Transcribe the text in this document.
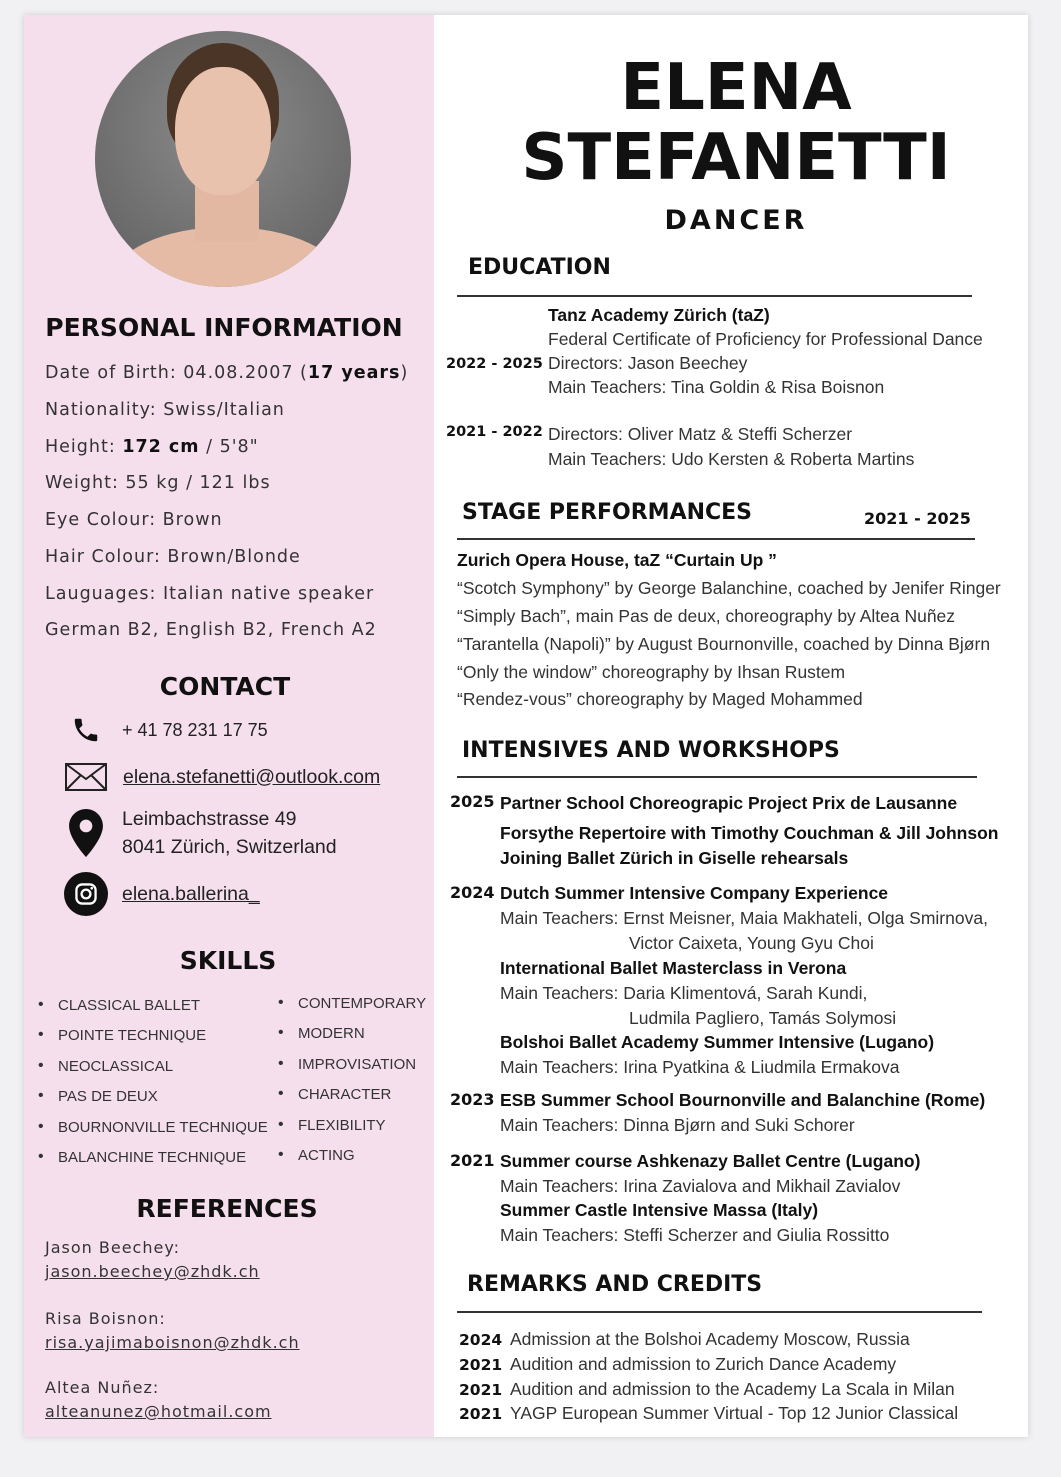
PERSONAL INFORMATION
Date of Birth: 04.08.2007 (17 years)
Nationality: Swiss/Italian
Height: 172 cm / 5'8"
Weight: 55 kg / 121 lbs
Eye Colour: Brown
Hair Colour: Brown/Blonde
Lauguages: Italian native speaker
German B2, English B2, French A2
CONTACT
+ 41 78 231 17 75
elena.stefanetti@outlook.com
Leimbachstrasse 49
8041 Zürich, Switzerland
elena.ballerina_
SKILLS
• CLASSICAL BALLET
• POINTE TECHNIQUE
• NEOCLASSICAL
• PAS DE DEUX
• BOURNONVILLE TECHNIQUE
• BALANCHINE TECHNIQUE
• CONTEMPORARY
• MODERN
• IMPROVISATION
• CHARACTER
• FLEXIBILITY
• ACTING
REFERENCES
Jason Beechey:
jason.beechey@zhdk.ch
Risa Boisnon:
risa.yajimaboisnon@zhdk.ch
Altea Nuñez:
alteanunez@hotmail.com
ELENA
STEFANETTI
DANCER
EDUCATION
Tanz Academy Zürich (taZ)
Federal Certificate of Proficiency for Professional Dance
2022 - 2025 Directors: Jason Beechey
Main Teachers: Tina Goldin & Risa Boisnon
2021 - 2022 Directors: Oliver Matz & Steffi Scherzer
Main Teachers: Udo Kersten & Roberta Martins
STAGE PERFORMANCES	2021 - 2025
Zurich Opera House, taZ “Curtain Up ”
“Scotch Symphony” by George Balanchine, coached by Jenifer Ringer
“Simply Bach”, main Pas de deux, choreography by Altea Nuñez
“Tarantella (Napoli)” by August Bournonville, coached by Dinna Bjørn
“Only the window” choreography by Ihsan Rustem
“Rendez-vous” choreography by Maged Mohammed
INTENSIVES AND WORKSHOPS
2025 Partner School Choreograpic Project Prix de Lausanne
Forsythe Repertoire with Timothy Couchman & Jill Johnson
Joining Ballet Zürich in Giselle rehearsals
2024 Dutch Summer Intensive Company Experience
Main Teachers: Ernst Meisner, Maia Makhateli, Olga Smirnova,
Victor Caixeta, Young Gyu Choi
International Ballet Masterclass in Verona
Main Teachers: Daria Klimentová, Sarah Kundi,
Ludmila Pagliero, Tamás Solymosi
Bolshoi Ballet Academy Summer Intensive (Lugano)
Main Teachers: Irina Pyatkina & Liudmila Ermakova
2023 ESB Summer School Bournonville and Balanchine (Rome)
Main Teachers: Dinna Bjørn and Suki Schorer
2021 Summer course Ashkenazy Ballet Centre (Lugano)
Main Teachers: Irina Zavialova and Mikhail Zavialov
Summer Castle Intensive Massa (Italy)
Main Teachers: Steffi Scherzer and Giulia Rossitto
REMARKS AND CREDITS
2024 Admission at the Bolshoi Academy Moscow, Russia
2021 Audition and admission to Zurich Dance Academy
2021 Audition and admission to the Academy La Scala in Milan
2021 YAGP European Summer Virtual - Top 12 Junior Classical
